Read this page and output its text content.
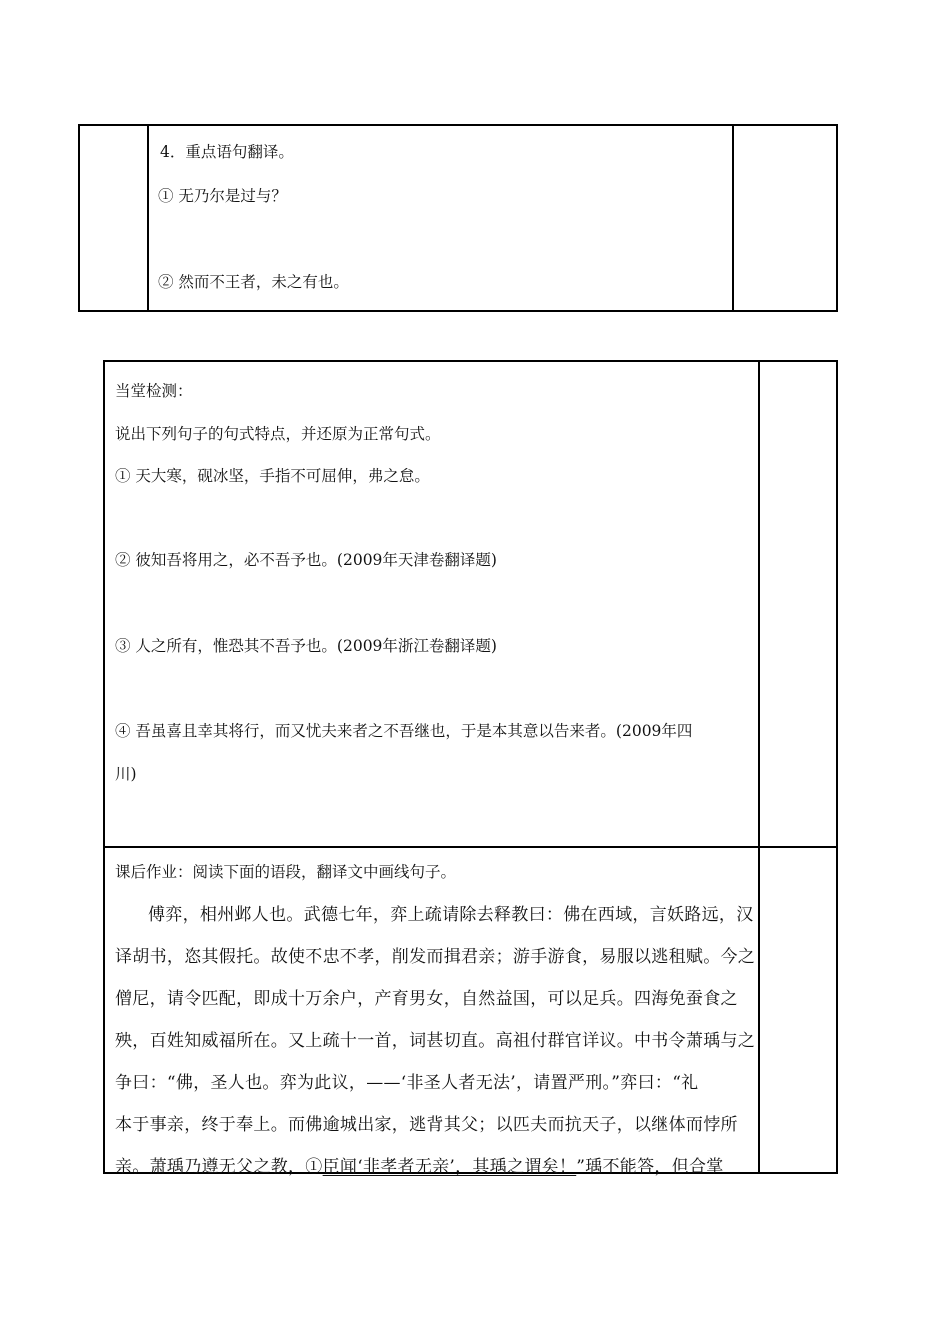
4．重点语句翻译。
① 无乃尔是过与？
② 然而不王者，未之有也。
当堂检测：
说出下列句子的句式特点，并还原为正常句式。
① 天大寒，砚冰坚，手指不可屈伸，弗之怠。
② 彼知吾将用之，必不吾予也。(2009年天津卷翻译题)
③ 人之所有，惟恐其不吾予也。(2009年浙江卷翻译题)
④ 吾虽喜且幸其将行，而又忧夫来者之不吾继也，于是本其意以告来者。(2009年四
川)
课后作业：阅读下面的语段，翻译文中画线句子。
傅弈，相州邺人也。武德七年，弈上疏请除去释教曰：佛在西域，言妖路远，汉
译胡书，恣其假托。故使不忠不孝，削发而揖君亲；游手游食，易服以逃租赋。今之
僧尼，请令匹配，即成十万余户，产育男女，自然益国，可以足兵。四海免蚕食之
殃，百姓知威福所在。又上疏十一首，词甚切直。高祖付群官详议。中书令萧瑀与之
争曰：“佛，圣人也。弈为此议，——‘非圣人者无法’，请置严刑。”弈曰：“礼
本于事亲，终于奉上。而佛逾城出家，逃背其父；以匹夫而抗天子，以继体而悖所
亲。萧瑀乃遵无父之教，①臣闻‘非孝者无亲’，其瑀之谓矣！”瑀不能答，但合掌
